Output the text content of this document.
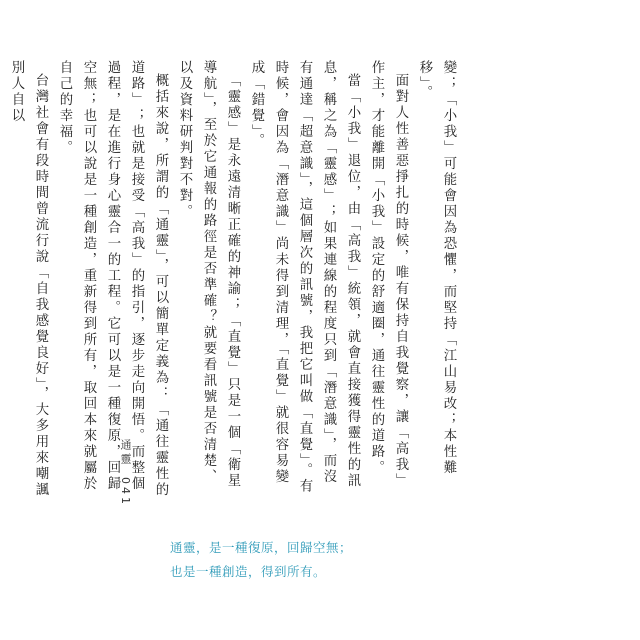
變；「小我」可能會因為恐懼，而堅持「江山易改；本性難移」。

面對人性善惡掙扎的時候，唯有保持自我覺察，讓「高我」作主，才能離開「小我」設定的舒適圈，通往靈性的道路。

當「小我」退位，由「高我」統領，就會直接獲得靈性的訊息，稱之為「靈感」；如果連線的程度只到「潛意識」，而沒有通達「超意識」，這個層次的訊號，我把它叫做「直覺」。有時候，會因為「潛意識」尚未得到清理，「直覺」就很容易變成「錯覺」。

「靈感」是永遠清晰正確的神諭；「直覺」只是一個「衛星導航」，至於它通報的路徑是否準確？就要看訊號是否清楚、以及資料研判對不對。

概括來說，所謂的「通靈」，可以簡單定義為：「通往靈性的道路」；也就是接受「高我」的指引，逐步走向開悟。而整個過程，是在進行身心靈合一的工程。它可以是一種復原，回歸空無；也可以說是一種創造，重新得到所有，取回本來就屬於自己的幸福。

台灣社會有段時間曾流行說「自我感覺良好」，大多用來嘲諷別人自以

通靈041
通靈，是一種復原，回歸空無；
也是一種創造，得到所有。
